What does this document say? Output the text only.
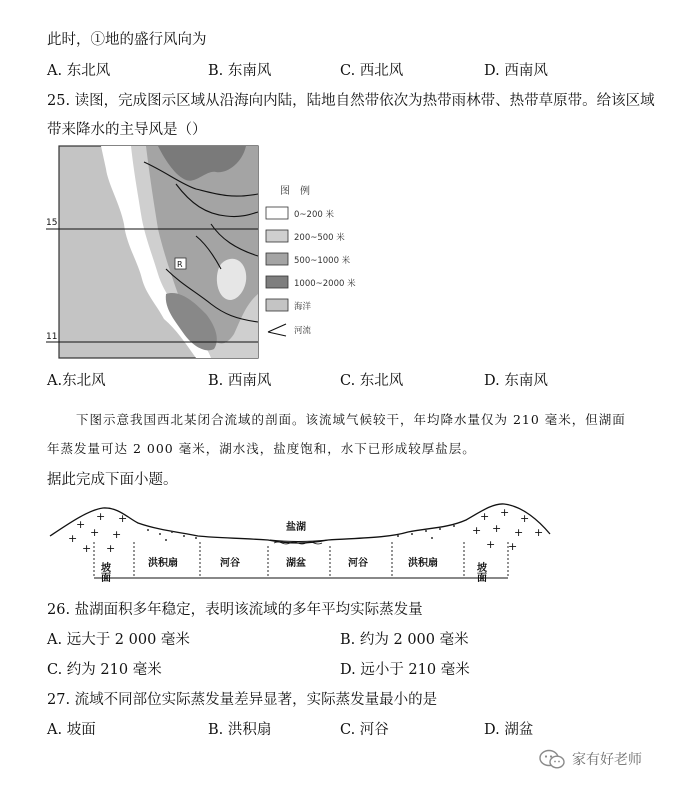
此时，①地的盛行风向为
A. 东北风	B. 东南风	C. 西北风	D. 西南风
25. 读图，完成图示区域从沿海向内陆，陆地自然带依次为热带雨林带、热带草原带。给该区域
带来降水的主导风是（）
15
11
R
图　例
0~200 米
200~500 米
500~1000 米
1000~2000 米
海洋
河流
A.东北风	B. 西南风	C. 东北风	D. 东南风
下图示意我国西北某闭合流域的剖面。该流域气候较干，年均降水量仅为 210 毫米，但湖面
年蒸发量可达 2 000 毫米，湖水浅，盐度饱和，水下已形成较厚盐层。
据此完成下面小题。
盐湖
+
+ +
+ + +
+ +
+ + +
+ + + +
+ +
坡面	洪积扇	河谷	湖盆	河谷	洪积扇	坡面
26. 盐湖面积多年稳定，表明该流域的多年平均实际蒸发量
A. 远大于 2 000 毫米	B. 约为 2 000 毫米
C. 约为 210 毫米	D. 远小于 210 毫米
27. 流域不同部位实际蒸发量差异显著，实际蒸发量最小的是
A. 坡面	B. 洪积扇	C. 河谷	D. 湖盆
家有好老师
